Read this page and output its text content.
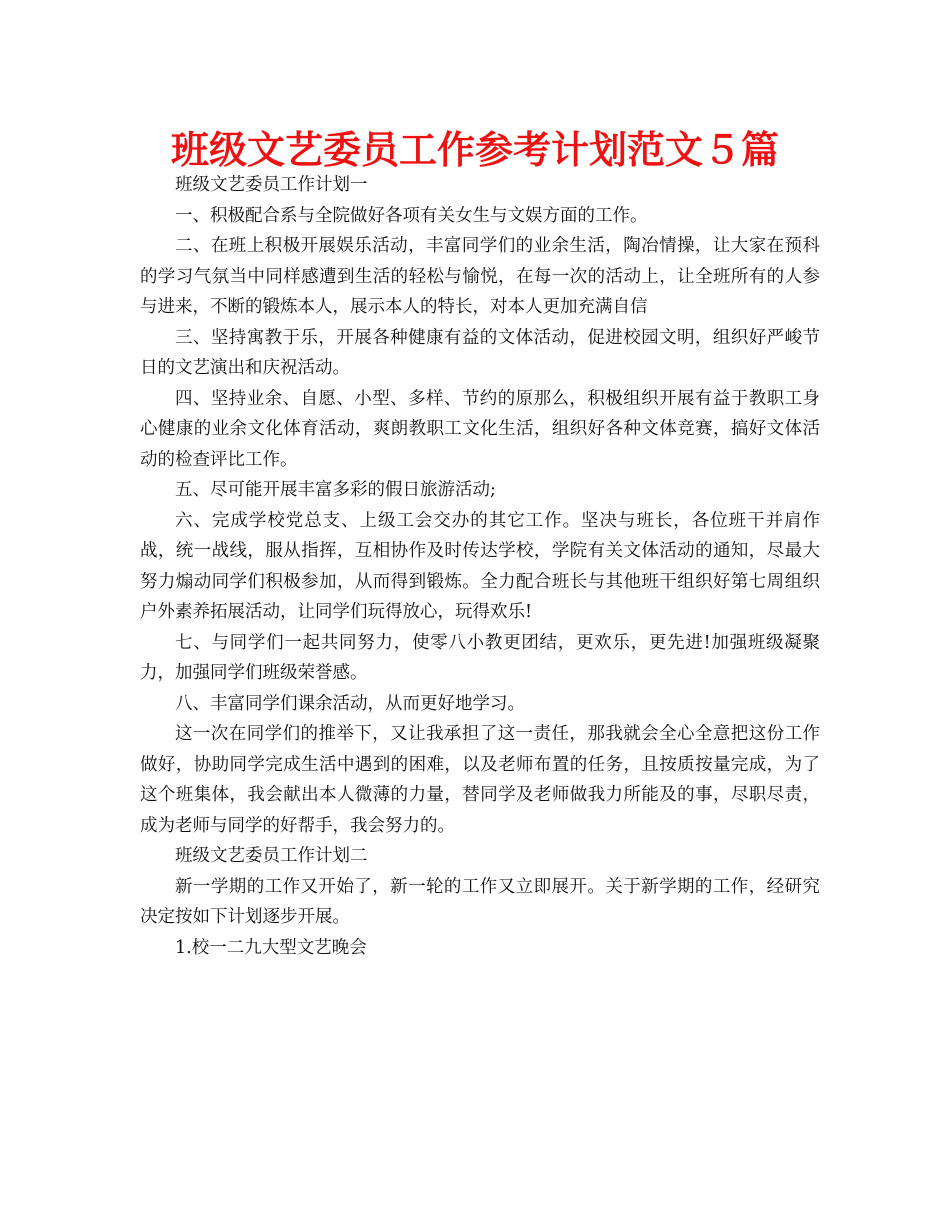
班级文艺委员工作参考计划范文５篇

班级文艺委员工作计划一

一、积极配合系与全院做好各项有关女生与文娱方面的工作。

二、在班上积极开展娱乐活动，丰富同学们的业余生活，陶冶情操，让大家在预科的学习气氛当中同样感遭到生活的轻松与愉悦，在每一次的活动上，让全班所有的人参与进来，不断的锻炼本人，展示本人的特长，对本人更加充满自信

三、坚持寓教于乐，开展各种健康有益的文体活动，促进校园文明，组织好严峻节日的文艺演出和庆祝活动。

四、坚持业余、自愿、小型、多样、节约的原那么，积极组织开展有益于教职工身心健康的业余文化体育活动，爽朗教职工文化生活，组织好各种文体竞赛，搞好文体活动的检查评比工作。

五、尽可能开展丰富多彩的假日旅游活动;

六、完成学校党总支、上级工会交办的其它工作。坚决与班长，各位班干并肩作战，统一战线，服从指挥，互相协作及时传达学校，学院有关文体活动的通知，尽最大努力煽动同学们积极参加，从而得到锻炼。全力配合班长与其他班干组织好第七周组织户外素养拓展活动，让同学们玩得放心，玩得欢乐!

七、与同学们一起共同努力，使零八小教更团结，更欢乐，更先进!加强班级凝聚力，加强同学们班级荣誉感。

八、丰富同学们课余活动，从而更好地学习。

这一次在同学们的推举下，又让我承担了这一责任，那我就会全心全意把这份工作做好，协助同学完成生活中遇到的困难，以及老师布置的任务，且按质按量完成，为了这个班集体，我会献出本人微薄的力量，替同学及老师做我力所能及的事，尽职尽责，成为老师与同学的好帮手，我会努力的。

班级文艺委员工作计划二

新一学期的工作又开始了，新一轮的工作又立即展开。关于新学期的工作，经研究决定按如下计划逐步开展。

1.校一二九大型文艺晚会
